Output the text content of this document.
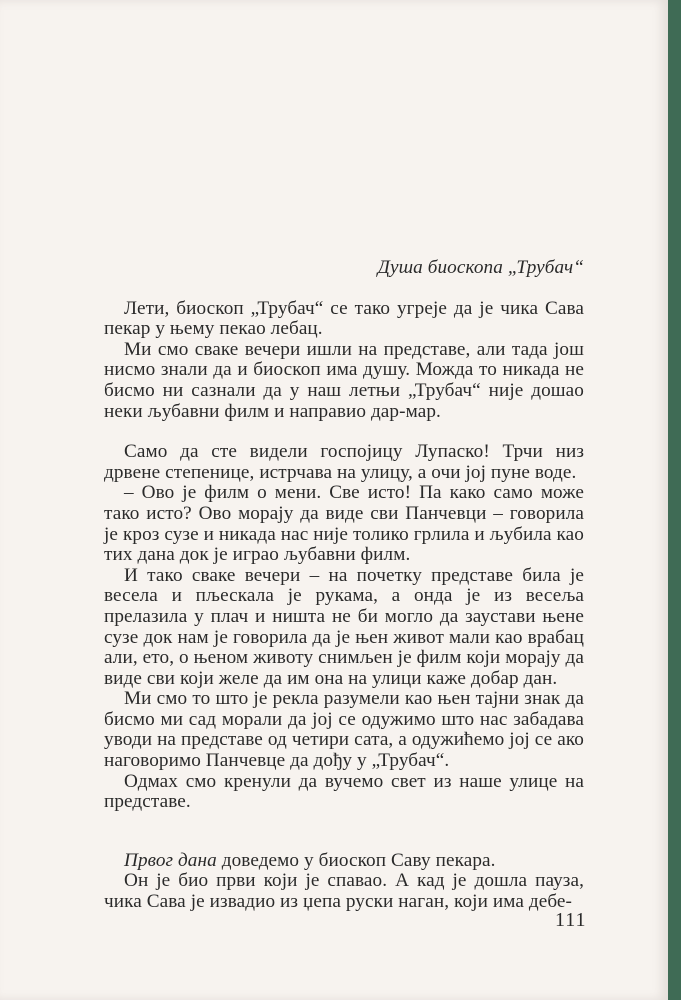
Душа биоскопа „Трубач“

Лети, биоскоп „Трубач“ се тако угреје да је чика Сава пекар у њему пекао лебац.

Ми смо сваке вечери ишли на представе, али тада још нисмо знали да и биоскоп има душу. Можда то никада не бисмо ни сазнали да у наш летњи „Трубач“ није дошао неки љубавни филм и направио дар-мар.

Само да сте видели госпојицу Лупаско! Трчи низ дрвене степенице, истрчава на улицу, а очи јој пуне воде.

– Ово је филм о мени. Све исто! Па како само може тако исто? Ово морају да виде сви Панчевци – говорила је кроз сузе и никада нас није толико грлила и љубила као тих дана док је играо љубавни филм.

И тако сваке вечери – на почетку представе била је весела и пљескала је рукама, а онда је из весеља прелазила у плач и ништа не би могло да заустави њене сузе док нам је говорила да је њен живот мали као врабац али, ето, о њеном животу снимљен је филм који морају да виде сви који желе да им она на улици каже добар дан.

Ми смо то што је рекла разумели као њен тајни знак да бисмо ми сад морали да јој се одужимо што нас забадава уводи на представе од четири сата, а одужићемо јој се ако наговоримо Панчевце да дођу у „Трубач“.

Одмах смо кренули да вучемо свет из наше улице на представе.

Првог дана доведемо у биоскоп Саву пекара.

Он је био први који је спавао. А кад је дошла пауза, чика Сава је извадио из џепа руски наган, који има дебе-

111
